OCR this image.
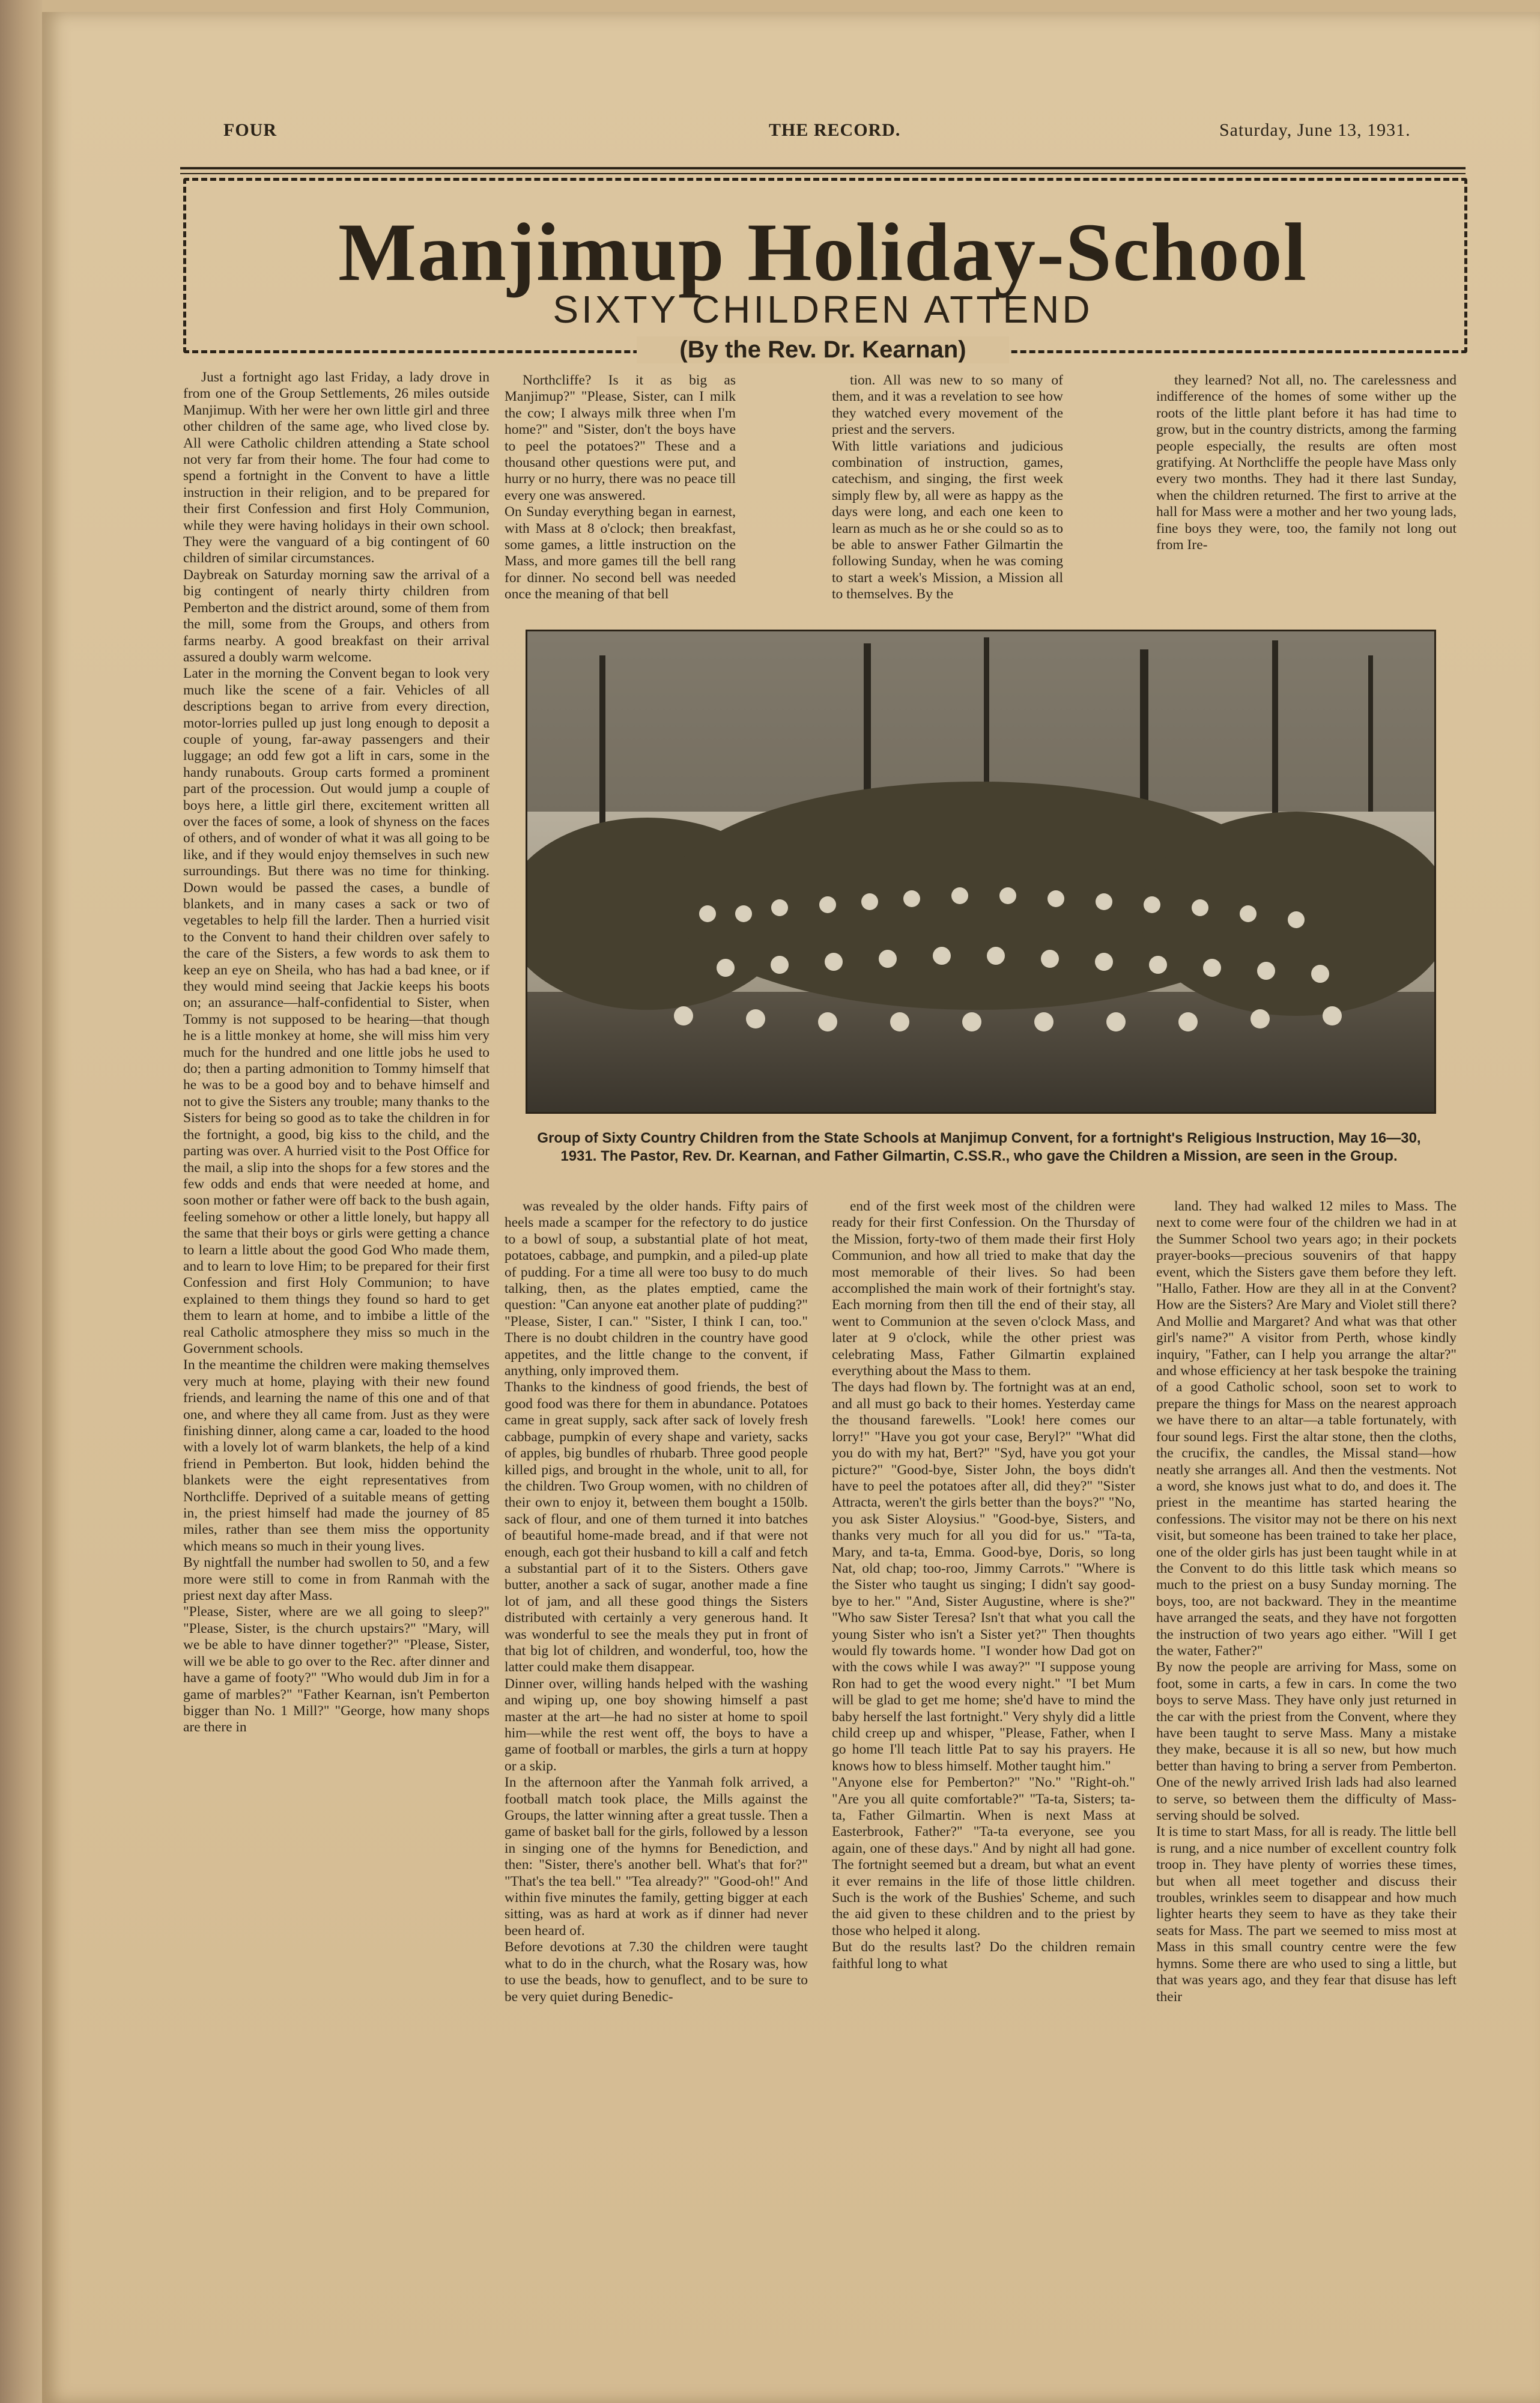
FOUR	THE RECORD.	Saturday, June 13, 1931.
Manjimup Holiday-School
SIXTY CHILDREN ATTEND
(By the Rev. Dr. Kearnan)

Just a fortnight ago last Friday, a lady drove in from one of the Group Settlements, 26 miles outside Manjimup. With her were her own little girl and three other children of the same age, who lived close by. All were Catholic children attending a State school not very far from their home. The four had come to spend a fortnight in the Convent to have a little instruction in their religion, and to be prepared for their first Confession and first Holy Communion, while they were having holidays in their own school. They were the vanguard of a big contingent of 60 children of similar circumstances.
Daybreak on Saturday morning saw the arrival of a big contingent of nearly thirty children from Pemberton and the district around, some of them from the mill, some from the Groups, and others from farms nearby. A good breakfast on their arrival assured a doubly warm welcome.
Later in the morning the Convent began to look very much like the scene of a fair. Vehicles of all descriptions began to arrive from every direction, motor-lorries pulled up just long enough to deposit a couple of young, far-away passengers and their luggage; an odd few got a lift in cars, some in the handy runabouts. Group carts formed a prominent part of the procession. Out would jump a couple of boys here, a little girl there, excitement written all over the faces of some, a look of shyness on the faces of others, and of wonder of what it was all going to be like, and if they would enjoy themselves in such new surroundings. But there was no time for thinking. Down would be passed the cases, a bundle of blankets, and in many cases a sack or two of vegetables to help fill the larder. Then a hurried visit to the Convent to hand their children over safely to the care of the Sisters, a few words to ask them to keep an eye on Sheila, who has had a bad knee, or if they would mind seeing that Jackie keeps his boots on; an assurance—half-confidential to Sister, when Tommy is not supposed to be hearing—that though he is a little monkey at home, she will miss him very much for the hundred and one little jobs he used to do; then a parting admonition to Tommy himself that he was to be a good boy and to behave himself and not to give the Sisters any trouble; many thanks to the Sisters for being so good as to take the children in for the fortnight, a good, big kiss to the child, and the parting was over. A hurried visit to the Post Office for the mail, a slip into the shops for a few stores and the few odds and ends that were needed at home, and soon mother or father were off back to the bush again, feeling somehow or other a little lonely, but happy all the same that their boys or girls were getting a chance to learn a little about the good God Who made them, and to learn to love Him; to be prepared for their first Confession and first Holy Communion; to have explained to them things they found so hard to get them to learn at home, and to imbibe a little of the real Catholic atmosphere they miss so much in the Government schools.
In the meantime the children were making themselves very much at home, playing with their new found friends, and learning the name of this one and of that one, and where they all came from. Just as they were finishing dinner, along came a car, loaded to the hood with a lovely lot of warm blankets, the help of a kind friend in Pemberton. But look, hidden behind the blankets were the eight representatives from Northcliffe. Deprived of a suitable means of getting in, the priest himself had made the journey of 85 miles, rather than see them miss the opportunity which means so much in their young lives.
By nightfall the number had swollen to 50, and a few more were still to come in from Ranmah with the priest next day after Mass.
"Please, Sister, where are we all going to sleep?" "Please, Sister, is the church upstairs?" "Mary, will we be able to have dinner together?" "Please, Sister, will we be able to go over to the Rec. after dinner and have a game of footy?" "Who would dub Jim in for a game of marbles?" "Father Kearnan, isn't Pemberton bigger than No. 1 Mill?" "George, how many shops are there in

Northcliffe? Is it as big as Manjimup?" "Please, Sister, can I milk the cow; I always milk three when I'm home?" and "Sister, don't the boys have to peel the potatoes?" These and a thousand other questions were put, and hurry or no hurry, there was no peace till every one was answered.
On Sunday everything began in earnest, with Mass at 8 o'clock; then breakfast, some games, a little instruction on the Mass, and more games till the bell rang for dinner. No second bell was needed once the meaning of that bell

tion. All was new to so many of them, and it was a revelation to see how they watched every movement of the priest and the servers.
With little variations and judicious combination of instruction, games, catechism, and singing, the first week simply flew by, all were as happy as the days were long, and each one keen to learn as much as he or she could so as to be able to answer Father Gilmartin the following Sunday, when he was coming to start a week's Mission, a Mission all to themselves. By the

they learned? Not all, no. The carelessness and indifference of the homes of some wither up the roots of the little plant before it has had time to grow, but in the country districts, among the farming people especially, the results are often most gratifying. At Northcliffe the people have Mass only every two months. They had it there last Sunday, when the children returned. The first to arrive at the hall for Mass were a mother and her two young lads, fine boys they were, too, the family not long out from Ire-

Group of Sixty Country Children from the State Schools at Manjimup Convent, for a fortnight's Religious Instruction, May 16—30, 1931. The Pastor, Rev. Dr. Kearnan, and Father Gilmartin, C.SS.R., who gave the Children a Mission, are seen in the Group.

was revealed by the older hands. Fifty pairs of heels made a scamper for the refectory to do justice to a bowl of soup, a substantial plate of hot meat, potatoes, cabbage, and pumpkin, and a piled-up plate of pudding. For a time all were too busy to do much talking, then, as the plates emptied, came the question: "Can anyone eat another plate of pudding?" "Please, Sister, I can." "Sister, I think I can, too." There is no doubt children in the country have good appetites, and the little change to the convent, if anything, only improved them.
Thanks to the kindness of good friends, the best of good food was there for them in abundance. Potatoes came in great supply, sack after sack of lovely fresh cabbage, pumpkin of every shape and variety, sacks of apples, big bundles of rhubarb. Three good people killed pigs, and brought in the whole, unit to all, for the children. Two Group women, with no children of their own to enjoy it, between them bought a 150lb. sack of flour, and one of them turned it into batches of beautiful home-made bread, and if that were not enough, each got their husband to kill a calf and fetch a substantial part of it to the Sisters. Others gave butter, another a sack of sugar, another made a fine lot of jam, and all these good things the Sisters distributed with certainly a very generous hand. It was wonderful to see the meals they put in front of that big lot of children, and wonderful, too, how the latter could make them disappear.
Dinner over, willing hands helped with the washing and wiping up, one boy showing himself a past master at the art—he had no sister at home to spoil him—while the rest went off, the boys to have a game of football or marbles, the girls a turn at hoppy or a skip.
In the afternoon after the Yanmah folk arrived, a football match took place, the Mills against the Groups, the latter winning after a great tussle. Then a game of basket ball for the girls, followed by a lesson in singing one of the hymns for Benediction, and then: "Sister, there's another bell. What's that for?" "That's the tea bell." "Tea already?" "Good-oh!" And within five minutes the family, getting bigger at each sitting, was as hard at work as if dinner had never been heard of.
Before devotions at 7.30 the children were taught what to do in the church, what the Rosary was, how to use the beads, how to genuflect, and to be sure to be very quiet during Benedic-

end of the first week most of the children were ready for their first Confession. On the Thursday of the Mission, forty-two of them made their first Holy Communion, and how all tried to make that day the most memorable of their lives. So had been accomplished the main work of their fortnight's stay. Each morning from then till the end of their stay, all went to Communion at the seven o'clock Mass, and later at 9 o'clock, while the other priest was celebrating Mass, Father Gilmartin explained everything about the Mass to them.
The days had flown by. The fortnight was at an end, and all must go back to their homes. Yesterday came the thousand farewells. "Look! here comes our lorry!" "Have you got your case, Beryl?" "What did you do with my hat, Bert?" "Syd, have you got your picture?" "Good-bye, Sister John, the boys didn't have to peel the potatoes after all, did they?" "Sister Attracta, weren't the girls better than the boys?" "No, you ask Sister Aloysius." "Good-bye, Sisters, and thanks very much for all you did for us." "Ta-ta, Mary, and ta-ta, Emma. Good-bye, Doris, so long Nat, old chap; too-roo, Jimmy Carrots." "Where is the Sister who taught us singing; I didn't say good-bye to her." "And, Sister Augustine, where is she?" "Who saw Sister Teresa? Isn't that what you call the young Sister who isn't a Sister yet?" Then thoughts would fly towards home. "I wonder how Dad got on with the cows while I was away?" "I suppose young Ron had to get the wood every night." "I bet Mum will be glad to get me home; she'd have to mind the baby herself the last fortnight." Very shyly did a little child creep up and whisper, "Please, Father, when I go home I'll teach little Pat to say his prayers. He knows how to bless himself. Mother taught him."
"Anyone else for Pemberton?" "No." "Right-oh." "Are you all quite comfortable?" "Ta-ta, Sisters; ta-ta, Father Gilmartin. When is next Mass at Easterbrook, Father?" "Ta-ta everyone, see you again, one of these days." And by night all had gone. The fortnight seemed but a dream, but what an event it ever remains in the life of those little children. Such is the work of the Bushies' Scheme, and such the aid given to these children and to the priest by those who helped it along.
But do the results last? Do the children remain faithful long to what

land. They had walked 12 miles to Mass. The next to come were four of the children we had in at the Summer School two years ago; in their pockets prayer-books—precious souvenirs of that happy event, which the Sisters gave them before they left. "Hallo, Father. How are they all in at the Convent? How are the Sisters? Are Mary and Violet still there? And Mollie and Margaret? And what was that other girl's name?" A visitor from Perth, whose kindly inquiry, "Father, can I help you arrange the altar?" and whose efficiency at her task bespoke the training of a good Catholic school, soon set to work to prepare the things for Mass on the nearest approach we have there to an altar—a table fortunately, with four sound legs. First the altar stone, then the cloths, the crucifix, the candles, the Missal stand—how neatly she arranges all. And then the vestments. Not a word, she knows just what to do, and does it. The priest in the meantime has started hearing the confessions. The visitor may not be there on his next visit, but someone has been trained to take her place, one of the older girls has just been taught while in at the Convent to do this little task which means so much to the priest on a busy Sunday morning. The boys, too, are not backward. They in the meantime have arranged the seats, and they have not forgotten the instruction of two years ago either. "Will I get the water, Father?"
By now the people are arriving for Mass, some on foot, some in carts, a few in cars. In come the two boys to serve Mass. They have only just returned in the car with the priest from the Convent, where they have been taught to serve Mass. Many a mistake they make, because it is all so new, but how much better than having to bring a server from Pemberton. One of the newly arrived Irish lads had also learned to serve, so between them the difficulty of Mass-serving should be solved.
It is time to start Mass, for all is ready. The little bell is rung, and a nice number of excellent country folk troop in. They have plenty of worries these times, but when all meet together and discuss their troubles, wrinkles seem to disappear and how much lighter hearts they seem to have as they take their seats for Mass. The part we seemed to miss most at Mass in this small country centre were the few hymns. Some there are who used to sing a little, but that was years ago, and they fear that disuse has left their
